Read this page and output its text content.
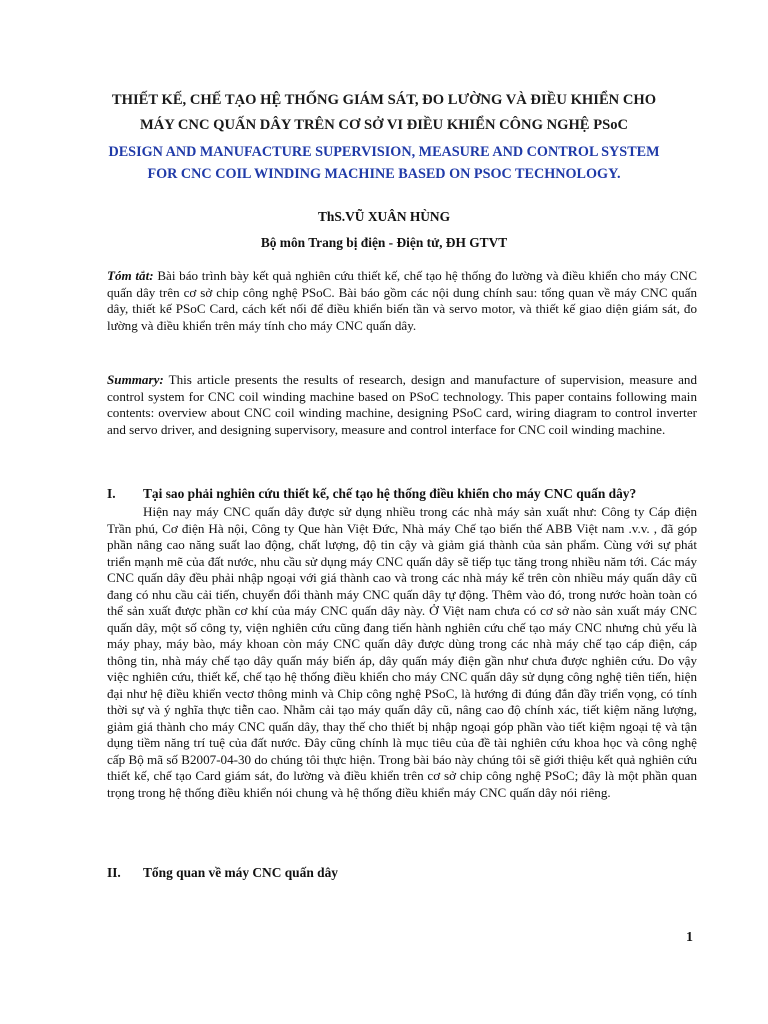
THIẾT KẾ, CHẾ TẠO HỆ THỐNG GIÁM SÁT, ĐO LƯỜNG VÀ ĐIỀU KHIỂN CHO
MÁY CNC QUẤN DÂY TRÊN CƠ SỞ VI ĐIỀU KHIỂN CÔNG NGHỆ PSoC
DESIGN AND MANUFACTURE SUPERVISION, MEASURE AND CONTROL SYSTEM
FOR CNC COIL WINDING MACHINE BASED ON PSOC TECHNOLOGY.
ThS.VŨ XUÂN HÙNG
Bộ môn Trang bị điện - Điện tử, ĐH GTVT
Tóm tắt: Bài báo trình bày kết quả nghiên cứu thiết kế, chế tạo hệ thống đo lường và điều khiển cho máy CNC quấn dây trên cơ sở chip công nghệ PSoC. Bài báo gồm các nội dung chính sau: tổng quan về máy CNC quấn dây, thiết kế PSoC Card, cách kết nối để điều khiển biến tần và servo motor, và thiết kế giao diện giám sát, đo lường và điều khiển trên máy tính cho máy CNC quấn dây.
Summary: This article presents the results of research, design and manufacture of supervision, measure and control system for CNC coil winding machine based on PSoC technology. This paper contains following main contents: overview about CNC coil winding machine, designing PSoC card, wiring diagram to control inverter and servo driver, and designing supervisory, measure and control interface for CNC coil winding machine.
I. Tại sao phải nghiên cứu thiết kế, chế tạo hệ thống điều khiển cho máy CNC quấn dây?
Hiện nay máy CNC quấn dây được sử dụng nhiều trong các nhà máy sản xuất như: Công ty Cáp điện Trần phú, Cơ điện Hà nội, Công ty Que hàn Việt Đức, Nhà máy Chế tạo biến thế ABB Việt nam .v.v. , đã góp phần nâng cao năng suất lao động, chất lượng, độ tin cậy và giảm giá thành của sản phẩm. Cùng với sự phát triển mạnh mẽ của đất nước, nhu cầu sử dụng máy CNC quấn dây sẽ tiếp tục tăng trong nhiều năm tới. Các máy CNC quấn dây đều phải nhập ngoại với giá thành cao và trong các nhà máy kể trên còn nhiều máy quấn dây cũ đang có nhu cầu cải tiến, chuyển đổi thành máy CNC quấn dây tự động. Thêm vào đó, trong nước hoàn toàn có thể sản xuất được phần cơ khí của máy CNC quấn dây này. Ở Việt nam chưa có cơ sở nào sản xuất máy CNC quấn dây, một số công ty, viện nghiên cứu cũng đang tiến hành nghiên cứu chế tạo máy CNC nhưng chủ yếu là máy phay, máy bào, máy khoan còn máy CNC quấn dây được dùng trong các nhà máy chế tạo cáp điện, cáp thông tin, nhà máy chế tạo dây quấn máy biến áp, dây quấn máy điện gần như chưa được nghiên cứu. Do vậy việc nghiên cứu, thiết kế, chế tạo hệ thống điều khiển cho máy CNC quấn dây sử dụng công nghệ tiên tiến, hiện đại như hệ điều khiển vectơ thông minh và Chip công nghệ PSoC, là hướng đi đúng đắn đầy triển vọng, có tính thời sự và ý nghĩa thực tiễn cao. Nhằm cải tạo máy quấn dây cũ, nâng cao độ chính xác, tiết kiệm năng lượng, giảm giá thành cho máy CNC quấn dây, thay thế cho thiết bị nhập ngoại góp phần vào tiết kiệm ngoại tệ và tận dụng tiềm năng trí tuệ của đất nước. Đây cũng chính là mục tiêu của đề tài nghiên cứu khoa học và công nghệ cấp Bộ mã số B2007-04-30 do chúng tôi thực hiện. Trong bài báo này chúng tôi sẽ giới thiệu kết quả nghiên cứu thiết kế, chế tạo Card giám sát, đo lường và điều khiển trên cơ sở chip công nghệ PSoC; đây là một phần quan trọng trong hệ thống điều khiển nói chung và hệ thống điều khiển máy CNC quấn dây nói riêng.
II. Tổng quan về máy CNC quấn dây
1
